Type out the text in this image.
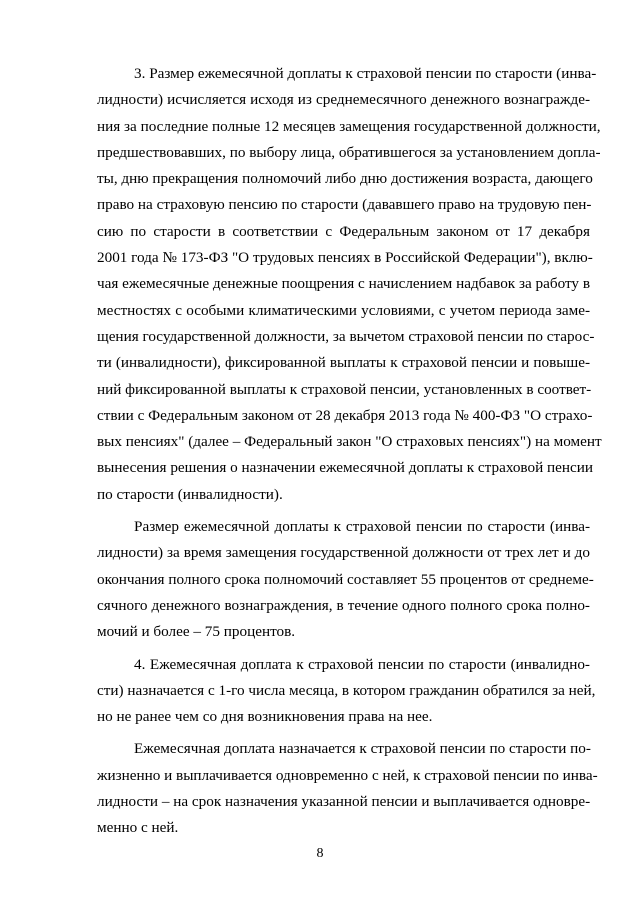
3. Размер ежемесячной доплаты к страховой пенсии по старости (инва-
лидности) исчисляется исходя из среднемесячного денежного вознагражде-
ния за последние полные 12 месяцев замещения государственной должности,
предшествовавших, по выбору лица, обратившегося за установлением допла-
ты, дню прекращения полномочий либо дню достижения возраста, дающего
право на страховую пенсию по старости (дававшего право на трудовую пен-
сию по старости в соответствии с Федеральным законом от 17 декабря
2001 года № 173-ФЗ "О трудовых пенсиях в Российской Федерации"), вклю-
чая ежемесячные денежные поощрения с начислением надбавок за работу в
местностях с особыми климатическими условиями, с учетом периода заме-
щения государственной должности, за вычетом страховой пенсии по старос-
ти (инвалидности), фиксированной выплаты к страховой пенсии и повыше-
ний фиксированной выплаты к страховой пенсии, установленных в соответ-
ствии с Федеральным законом от 28 декабря 2013 года № 400-ФЗ "О страхо-
вых пенсиях" (далее – Федеральный закон "О страховых пенсиях") на момент
вынесения решения о назначении ежемесячной доплаты к страховой пенсии
по старости (инвалидности).
Размер ежемесячной доплаты к страховой пенсии по старости (инва-
лидности) за время замещения государственной должности от трех лет и до
окончания полного срока полномочий составляет 55 процентов от среднеме-
сячного денежного вознаграждения, в течение одного полного срока полно-
мочий и более – 75 процентов.
4. Ежемесячная доплата к страховой пенсии по старости (инвалидно-
сти) назначается с 1-го числа месяца, в котором гражданин обратился за ней,
но не ранее чем со дня возникновения права на нее.
Ежемесячная доплата назначается к страховой пенсии по старости по-
жизненно и выплачивается одновременно с ней, к страховой пенсии по инва-
лидности – на срок назначения указанной пенсии и выплачивается одновре-
менно с ней.
8
